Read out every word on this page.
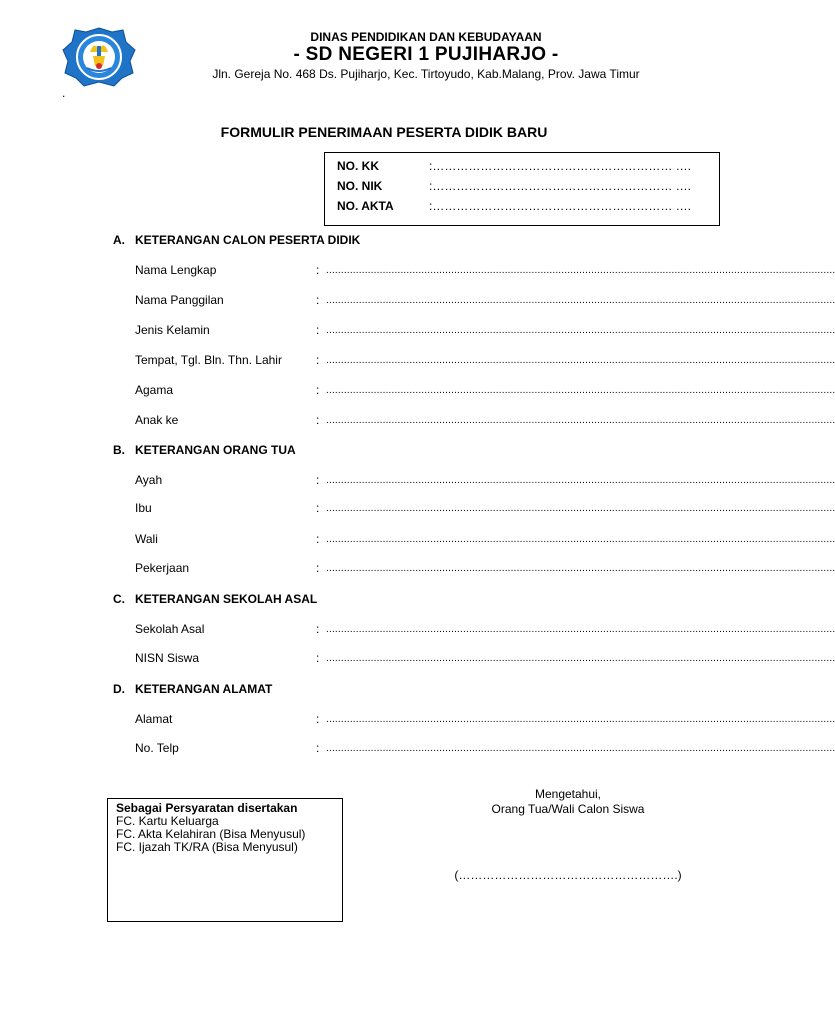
DINAS PENDIDIKAN DAN KEBUDAYAAN
- SD NEGERI 1 PUJIHARJO -
Jln. Gereja No. 468 Ds. Pujiharjo, Kec. Tirtoyudo, Kab.Malang, Prov. Jawa Timur
.
FORMULIR PENERIMAAN PESERTA DIDIK BARU
NO. KK	:…………………………………………………… ….
NO. NIK	:…………………………………………………… ….
NO. AKTA	:…………………………………………………… ….
A. KETERANGAN CALON PESERTA DIDIK
Nama Lengkap	: ...........................................................................................................................................................................
Nama Panggilan	: ...........................................................................................................................................................................
Jenis Kelamin	: ...........................................................................................................................................................................
Tempat, Tgl. Bln. Thn. Lahir	: ...........................................................................................................................................................................
Agama	: ...........................................................................................................................................................................
Anak ke	: ...........................................................................................................................................................................
B. KETERANGAN ORANG TUA
Ayah	: ...........................................................................................................................................................................
Ibu	: ...........................................................................................................................................................................
Wali	: ...........................................................................................................................................................................
Pekerjaan	: ...........................................................................................................................................................................
C. KETERANGAN SEKOLAH ASAL
Sekolah Asal	: ...........................................................................................................................................................................
NISN Siswa	: ...........................................................................................................................................................................
D. KETERANGAN ALAMAT
Alamat	: ...........................................................................................................................................................................
No. Telp	: ...........................................................................................................................................................................
Mengetahui,
Orang Tua/Wali Calon Siswa
(……………………………………………….)
Sebagai Persyaratan disertakan
FC. Kartu Keluarga
FC. Akta Kelahiran (Bisa Menyusul)
FC. Ijazah TK/RA (Bisa Menyusul)
